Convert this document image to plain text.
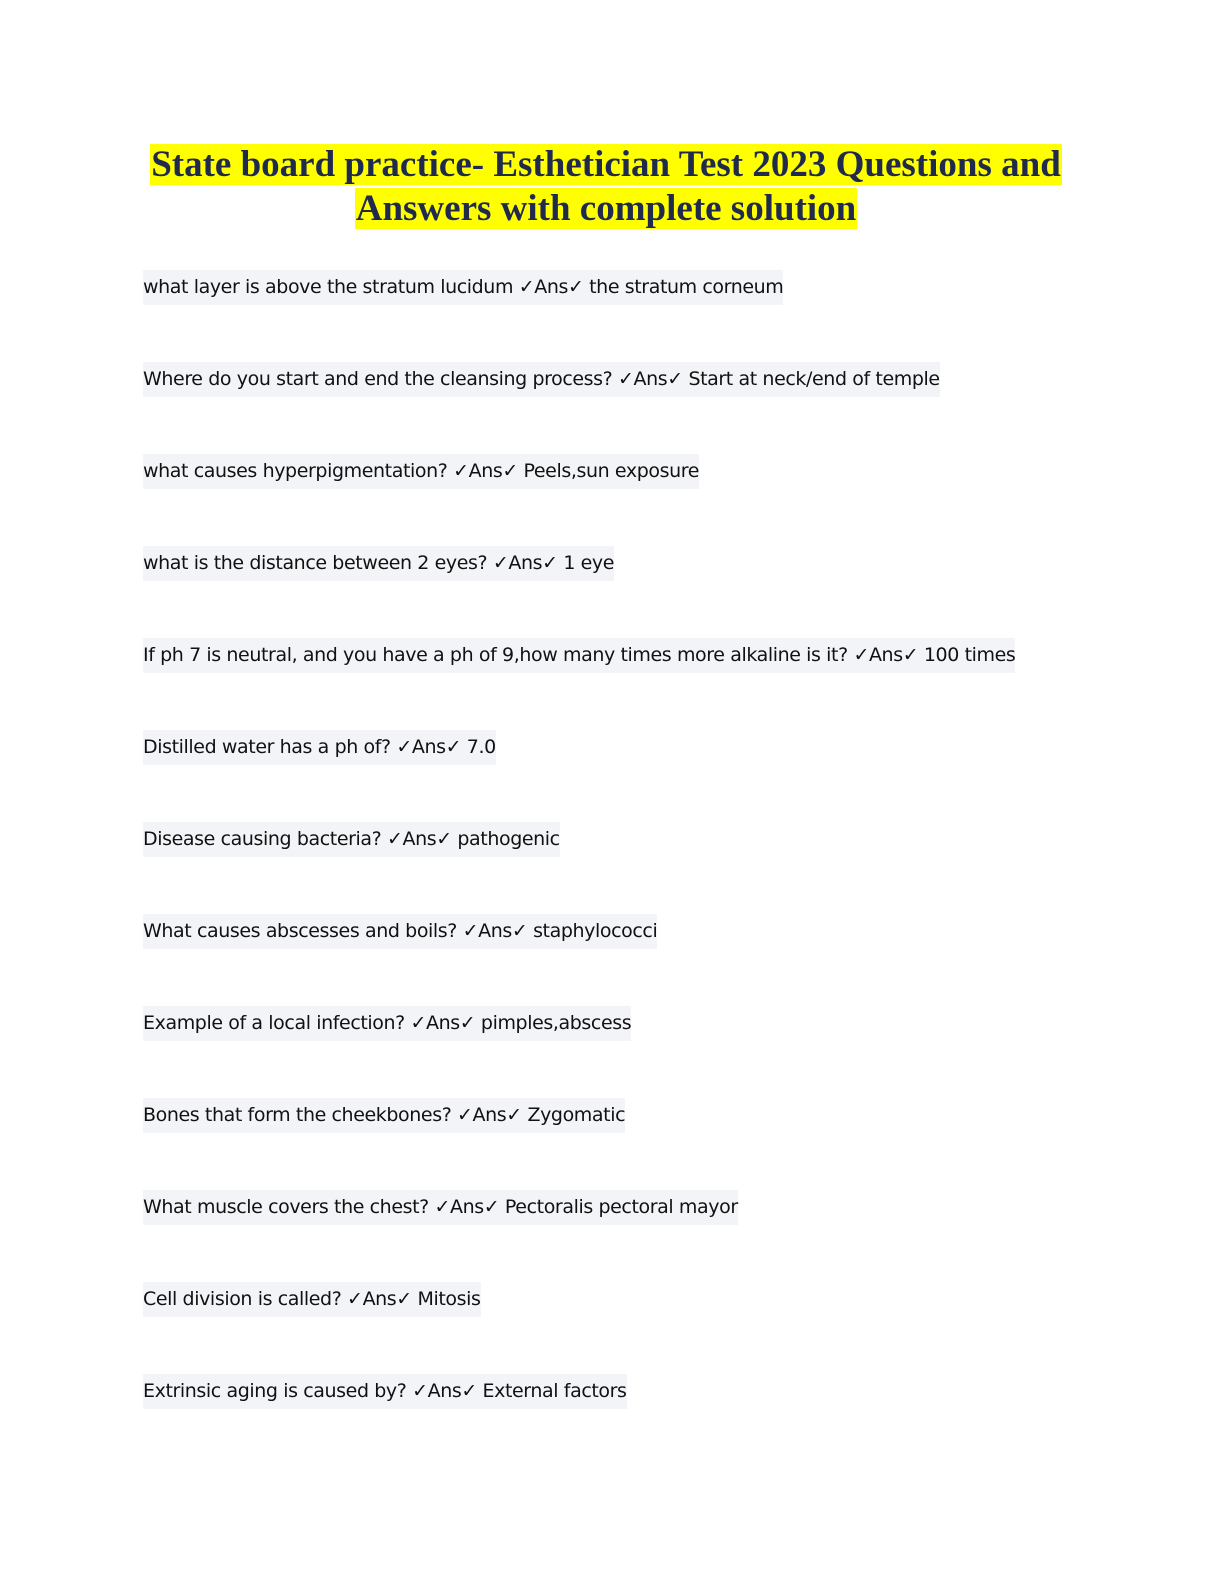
State board practice- Esthetician Test 2023 Questions and
Answers with complete solution
what layer is above the stratum lucidum ✓Ans✓ the stratum corneum
Where do you start and end the cleansing process? ✓Ans✓ Start at neck/end of temple
what causes hyperpigmentation? ✓Ans✓ Peels,sun exposure
what is the distance between 2 eyes? ✓Ans✓ 1 eye
If ph 7 is neutral, and you have a ph of 9,how many times more alkaline is it? ✓Ans✓ 100 times
Distilled water has a ph of? ✓Ans✓ 7.0
Disease causing bacteria? ✓Ans✓ pathogenic
What causes abscesses and boils? ✓Ans✓ staphylococci
Example of a local infection? ✓Ans✓ pimples,abscess
Bones that form the cheekbones? ✓Ans✓ Zygomatic
What muscle covers the chest? ✓Ans✓ Pectoralis pectoral mayor
Cell division is called? ✓Ans✓ Mitosis
Extrinsic aging is caused by? ✓Ans✓ External factors
